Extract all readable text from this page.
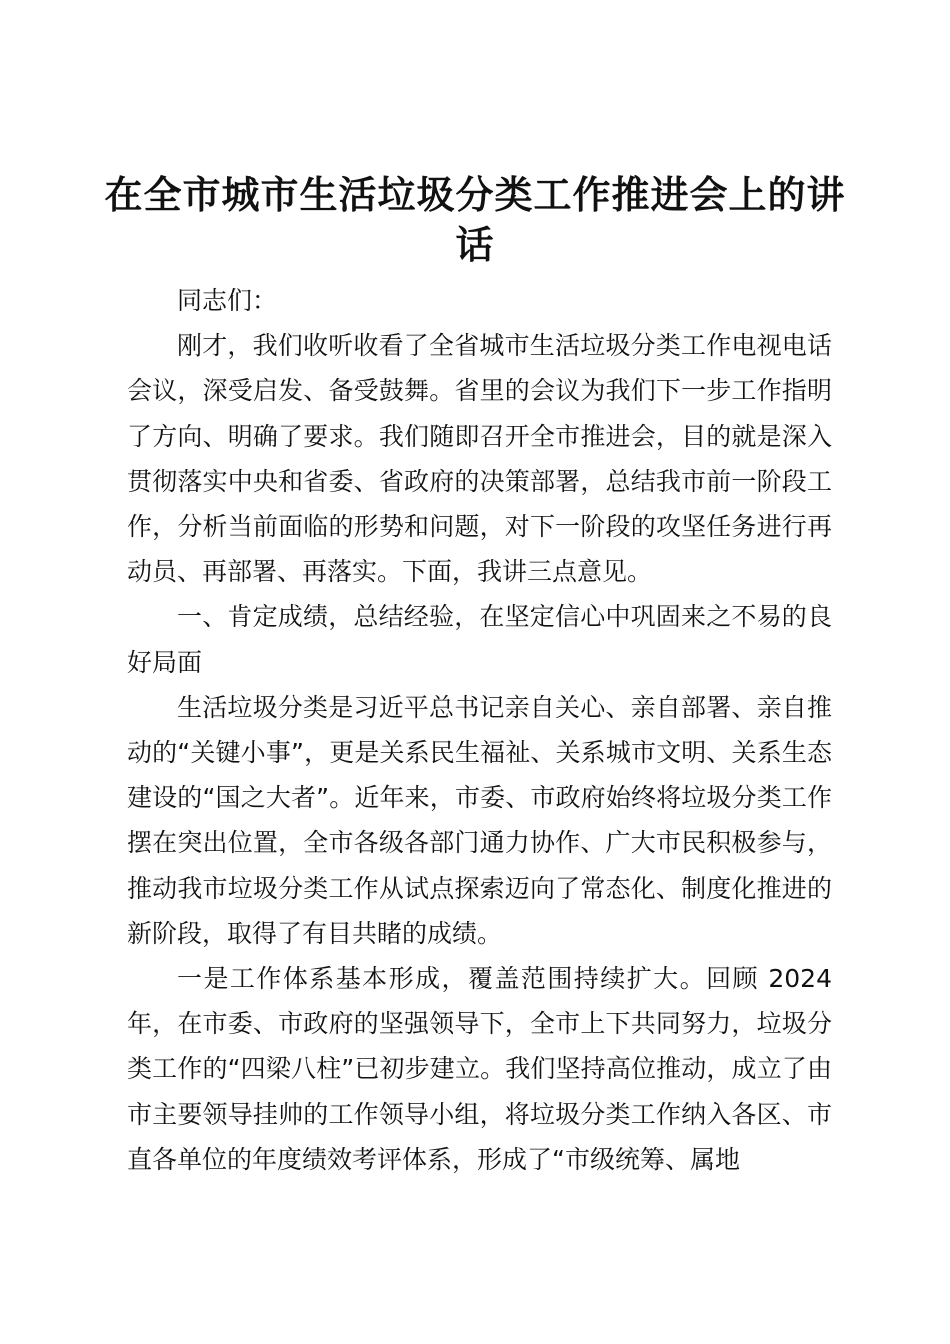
在全市城市生活垃圾分类工作推进会上的讲话

同志们：

刚才，我们收听收看了全省城市生活垃圾分类工作电视电话会议，深受启发、备受鼓舞。省里的会议为我们下一步工作指明了方向、明确了要求。我们随即召开全市推进会，目的就是深入贯彻落实中央和省委、省政府的决策部署，总结我市前一阶段工作，分析当前面临的形势和问题，对下一阶段的攻坚任务进行再动员、再部署、再落实。下面，我讲三点意见。

一、肯定成绩，总结经验，在坚定信心中巩固来之不易的良好局面

生活垃圾分类是习近平总书记亲自关心、亲自部署、亲自推动的“关键小事”，更是关系民生福祉、关系城市文明、关系生态建设的“国之大者”。近年来，市委、市政府始终将垃圾分类工作摆在突出位置，全市各级各部门通力协作、广大市民积极参与，推动我市垃圾分类工作从试点探索迈向了常态化、制度化推进的新阶段，取得了有目共睹的成绩。

一是工作体系基本形成，覆盖范围持续扩大。回顾 2024 年，在市委、市政府的坚强领导下，全市上下共同努力，垃圾分类工作的“四梁八柱”已初步建立。我们坚持高位推动，成立了由市主要领导挂帅的工作领导小组，将垃圾分类工作纳入各区、市直各单位的年度绩效考评体系，形成了“市级统筹、属地
